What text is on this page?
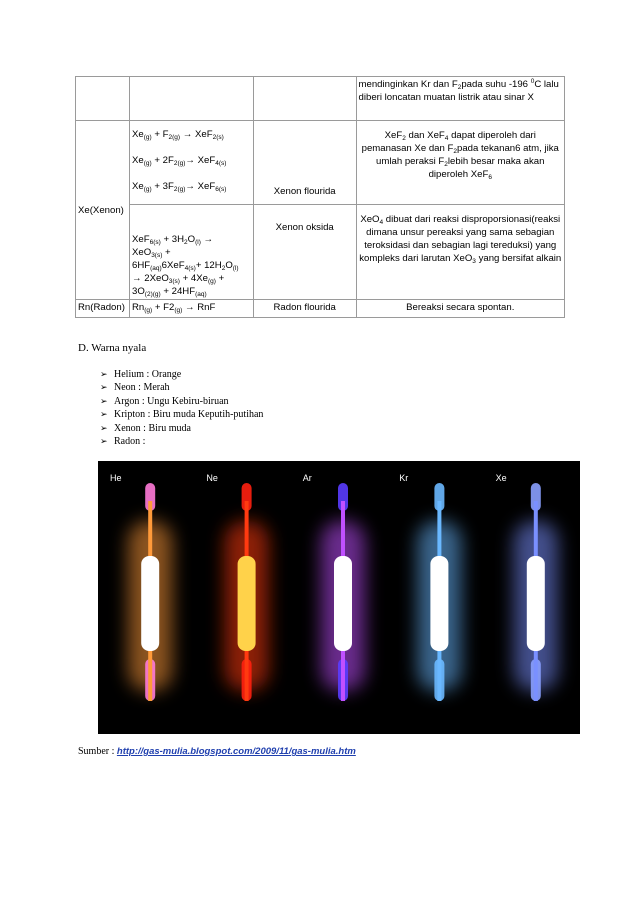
			mendinginkan Kr dan $F_2pada$ suhu -196 $^0$C lalu diberi loncatan muatan listrik atau sinar X
Xe(Xenon)	$Xe_{(g)} + F_{2(g)} \to XeF_{2(s)}$
$Xe_{(g)} + 2F_{2(g)}\to XeF_{4(s)}$
$Xe_{(g)} + 3F_{2(g)}\to XeF_{6(s)}$	Xenon flourida	XeF$_2$ dan XeF$_4$ dapat diperoleh dari pemanasan Xe dan $F_2pada$ tekanan6 atm, jika umlah peraksi $F_2lebih$ besar maka akan diperoleh XeF$_6$
	$XeF_{6(s)} + 3H_2O_{(l)}$ →
XeO$_{3(s)}$ +
$6HF_{(aq)}6XeF_{4(s)}+ 12H_2O_{(l)}$
→ $2XeO_{3(s)} + 4Xe_{(g)}$ +
$3O_{(2)(g)} + 24HF_{(aq)}$	Xenon oksida	XeO$_4$ dibuat dari reaksi disproporsionasi(reaksi dimana unsur pereaksi yang sama sebagian teroksidasi dan sebagian lagi tereduksi) yang kompleks dari larutan XeO$_3$ yang bersifat alkain
Rn(Radon)	$Rn_{(g)} + F2_{(g)}$ → RnF	Radon flourida	Bereaksi secara spontan.
D. Warna nyala
➢ Helium : Orange
➢ Neon : Merah
➢ Argon : Ungu Kebiru-biruan
➢ Kripton : Biru muda Keputih-putihan
➢ Xenon : Biru muda
➢ Radon :
He	Ne	Ar	Kr	Xe
Sumber : http://gas-mulia.blogspot.com/2009/11/gas-mulia.htm
